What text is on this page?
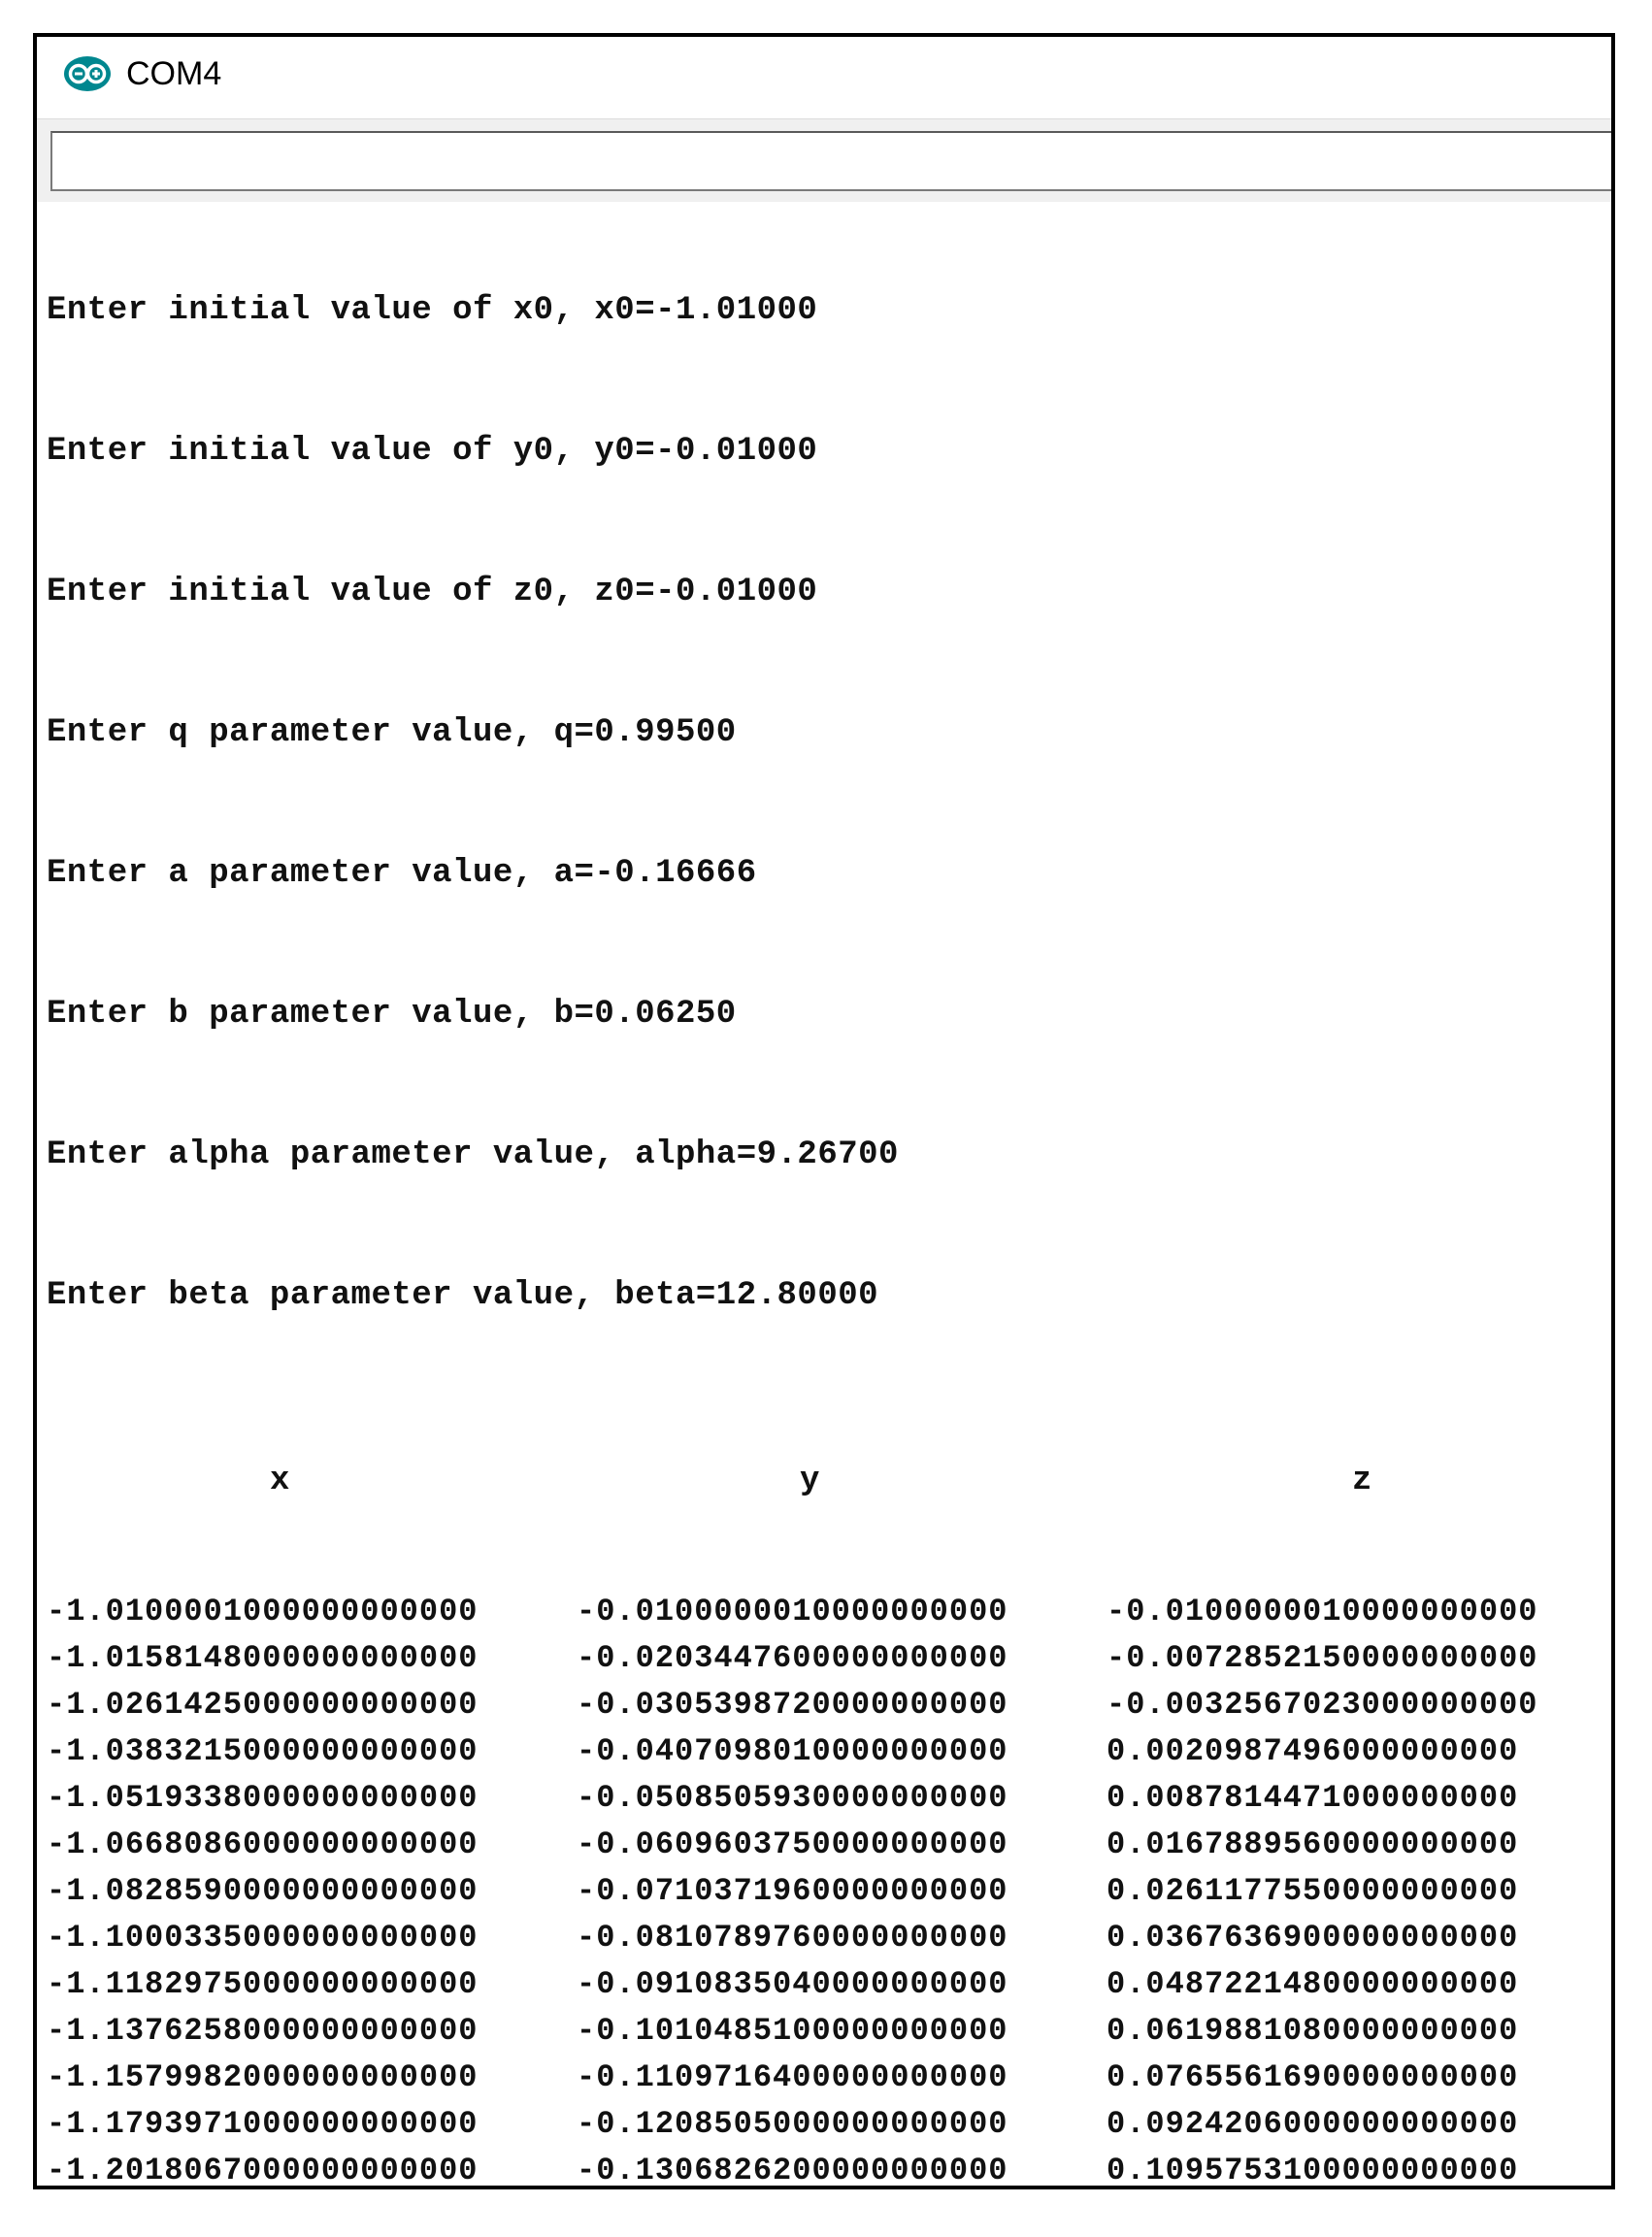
COM4
Enter initial value of x0, x0=-1.01000
Enter initial value of y0, y0=-0.01000
Enter initial value of z0, z0=-0.01000
Enter q parameter value, q=0.99500
Enter a parameter value, a=-0.16666
Enter b parameter value, b=0.06250
Enter alpha parameter value, alpha=9.26700
Enter beta parameter value, beta=12.80000
x	y	z
-1.0100001000000000000	-0.0100000010000000000	-0.0100000010000000000
-1.0158148000000000000	-0.0203447600000000000	-0.0072852150000000000
-1.0261425000000000000	-0.0305398720000000000	-0.0032567023000000000
-1.0383215000000000000	-0.0407098010000000000	0.0020987496000000000
-1.0519338000000000000	-0.0508505930000000000	0.0087814471000000000
-1.0668086000000000000	-0.0609603750000000000	0.0167889560000000000
-1.0828590000000000000	-0.0710371960000000000	0.0261177550000000000
-1.1000335000000000000	-0.0810789760000000000	0.0367636900000000000
-1.1182975000000000000	-0.0910835040000000000	0.0487221480000000000
-1.1376258000000000000	-0.1010485100000000000	0.0619881080000000000
-1.1579982000000000000	-0.1109716400000000000	0.0765561690000000000
-1.1793971000000000000	-0.1208505000000000000	0.0924206000000000000
-1.2018067000000000000	-0.1306826200000000000	0.1095753100000000000
